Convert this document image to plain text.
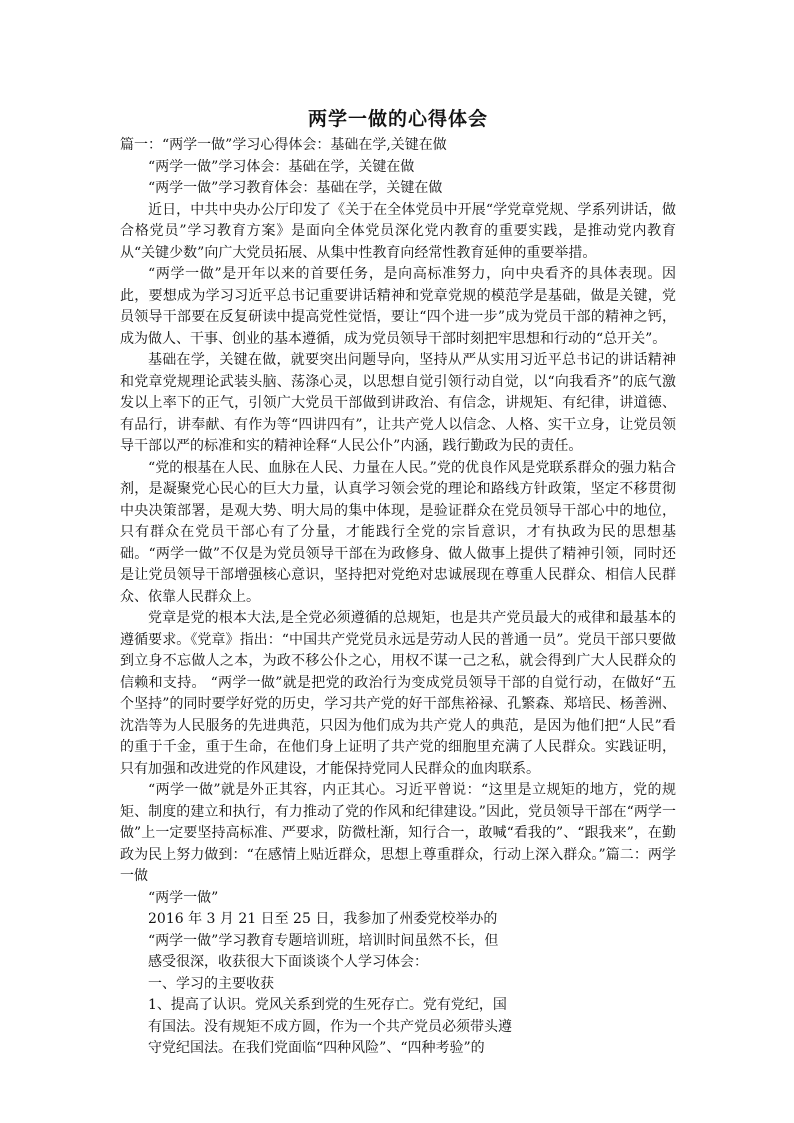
两学一做的心得体会
篇一：“两学一做”学习心得体会：基础在学,关键在做
“两学一做”学习体会：基础在学，关键在做
“两学一做”学习教育体会：基础在学，关键在做

近日，中共中央办公厅印发了《关于在全体党员中开展“学党章党规、学系列讲话，做合格党员”学习教育方案》是面向全体党员深化党内教育的重要实践，是推动党内教育从“关键少数”向广大党员拓展、从集中性教育向经常性教育延伸的重要举措。

“两学一做”是开年以来的首要任务，是向高标准努力，向中央看齐的具体表现。因此，要想成为学习习近平总书记重要讲话精神和党章党规的模范学是基础，做是关键，党员领导干部要在反复研读中提高党性觉悟，要让“四个进一步”成为党员干部的精神之钙，成为做人、干事、创业的基本遵循，成为党员领导干部时刻把牢思想和行动的“总开关”。

基础在学，关键在做，就要突出问题导向，坚持从严从实用习近平总书记的讲话精神和党章党规理论武装头脑、荡涤心灵，以思想自觉引领行动自觉，以“向我看齐”的底气激发以上率下的正气，引领广大党员干部做到讲政治、有信念，讲规矩、有纪律，讲道德、有品行，讲奉献、有作为等“四讲四有”，让共产党人以信念、人格、实干立身，让党员领导干部以严的标准和实的精神诠释“人民公仆”内涵，践行勤政为民的责任。

“党的根基在人民、血脉在人民、力量在人民。”党的优良作风是党联系群众的强力粘合剂，是凝聚党心民心的巨大力量，认真学习领会党的理论和路线方针政策，坚定不移贯彻中央决策部署，是观大势、明大局的集中体现，是验证群众在党员领导干部心中的地位，只有群众在党员干部心有了分量，才能践行全党的宗旨意识，才有执政为民的思想基础。“两学一做”不仅是为党员领导干部在为政修身、做人做事上提供了精神引领，同时还是让党员领导干部增强核心意识，坚持把对党绝对忠诚展现在尊重人民群众、相信人民群众、依靠人民群众上。

党章是党的根本大法,是全党必须遵循的总规矩，也是共产党员最大的戒律和最基本的遵循要求。《党章》指出：“中国共产党党员永远是劳动人民的普通一员”。党员干部只要做到立身不忘做人之本，为政不移公仆之心，用权不谋一己之私，就会得到广大人民群众的信赖和支持。 “两学一做”就是把党的政治行为变成党员领导干部的自觉行动，在做好“五个坚持”的同时要学好党的历史，学习共产党的好干部焦裕禄、孔繁森、郑培民、杨善洲、沈浩等为人民服务的先进典范，只因为他们成为共产党人的典范，是因为他们把“人民”看的重于千金，重于生命，在他们身上证明了共产党的细胞里充满了人民群众。实践证明，只有加强和改进党的作风建设，才能保持党同人民群众的血肉联系。

“两学一做”就是外正其容，内正其心。习近平曾说：“这里是立规矩的地方，党的规矩、制度的建立和执行，有力推动了党的作风和纪律建设。”因此，党员领导干部在“两学一做”上一定要坚持高标准、严要求，防微杜渐，知行合一，敢喊“看我的”、“跟我来”，在勤政为民上努力做到：“在感情上贴近群众，思想上尊重群众，行动上深入群众。”篇二：两学一做

“两学一做”
2016 年 3 月 21 日至 25 日，我参加了州委党校举办的
“两学一做”学习教育专题培训班，培训时间虽然不长，但
感受很深，收获很大下面谈谈个人学习体会：
一、学习的主要收获
1、提高了认识。党风关系到党的生死存亡。党有党纪，国
有国法。没有规矩不成方圆，作为一个共产党员必须带头遵
守党纪国法。在我们党面临“四种风险”、“四种考验”的
